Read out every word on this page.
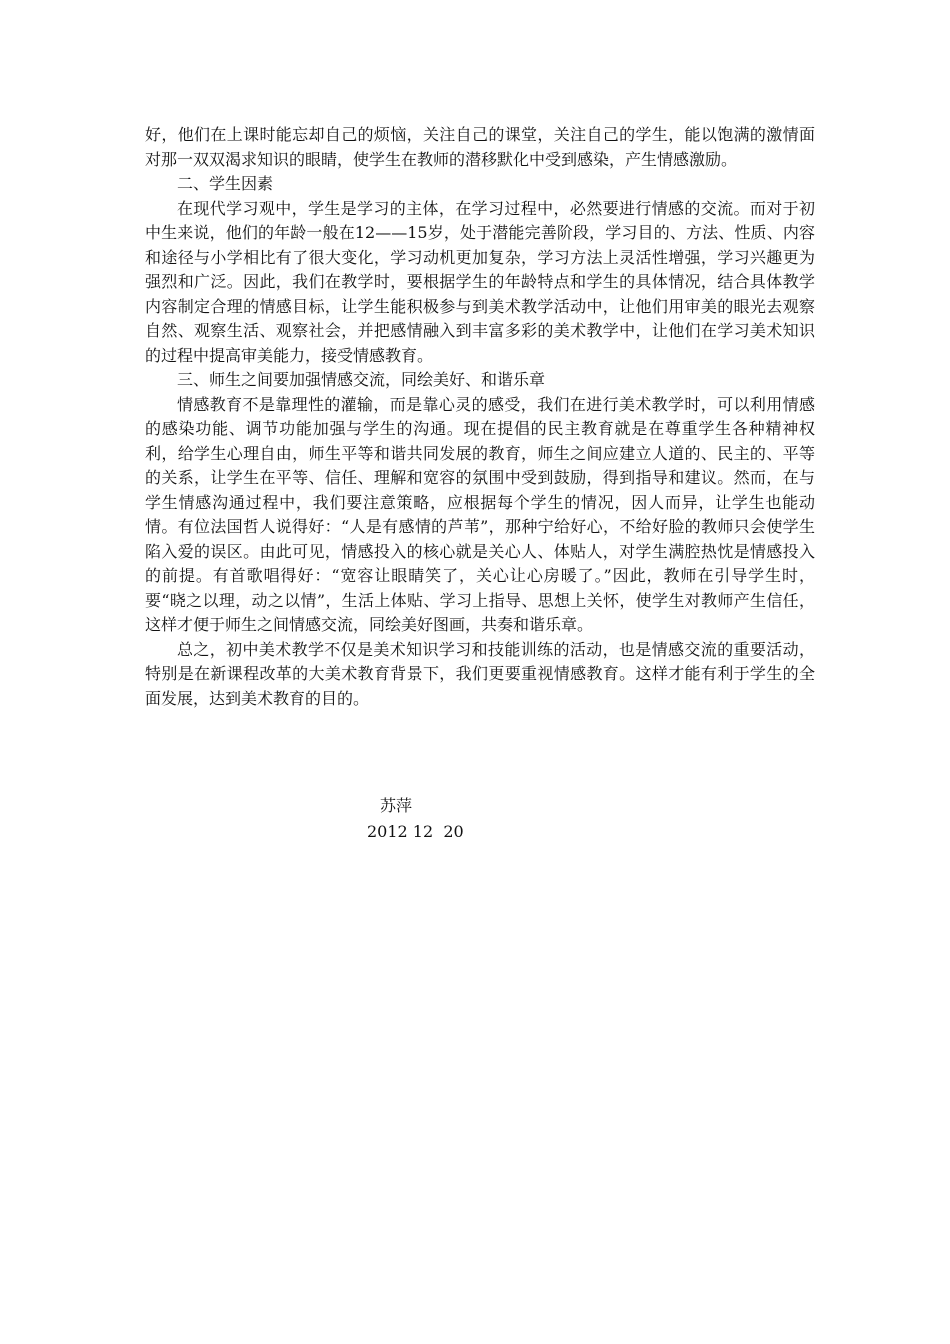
好，他们在上课时能忘却自己的烦恼，关注自己的课堂，关注自己的学生，能以饱满的激情面对那一双双渴求知识的眼睛，使学生在教师的潜移默化中受到感染，产生情感激励。

二、学生因素

在现代学习观中，学生是学习的主体，在学习过程中，必然要进行情感的交流。而对于初中生来说，他们的年龄一般在12——15岁，处于潜能完善阶段，学习目的、方法、性质、内容和途径与小学相比有了很大变化，学习动机更加复杂，学习方法上灵活性增强，学习兴趣更为强烈和广泛。因此，我们在教学时，要根据学生的年龄特点和学生的具体情况，结合具体教学内容制定合理的情感目标，让学生能积极参与到美术教学活动中，让他们用审美的眼光去观察自然、观察生活、观察社会，并把感情融入到丰富多彩的美术教学中，让他们在学习美术知识的过程中提高审美能力，接受情感教育。

三、师生之间要加强情感交流，同绘美好、和谐乐章

情感教育不是靠理性的灌输，而是靠心灵的感受，我们在进行美术教学时，可以利用情感的感染功能、调节功能加强与学生的沟通。现在提倡的民主教育就是在尊重学生各种精神权利，给学生心理自由，师生平等和谐共同发展的教育，师生之间应建立人道的、民主的、平等的关系，让学生在平等、信任、理解和宽容的氛围中受到鼓励，得到指导和建议。然而，在与学生情感沟通过程中，我们要注意策略，应根据每个学生的情况，因人而异，让学生也能动情。有位法国哲人说得好：“人是有感情的芦苇”，那种宁给好心，不给好脸的教师只会使学生陷入爱的误区。由此可见，情感投入的核心就是关心人、体贴人，对学生满腔热忱是情感投入的前提。有首歌唱得好：“宽容让眼睛笑了，关心让心房暖了。”因此，教师在引导学生时，要“晓之以理，动之以情”，生活上体贴、学习上指导、思想上关怀，使学生对教师产生信任，这样才便于师生之间情感交流，同绘美好图画，共奏和谐乐章。

总之，初中美术教学不仅是美术知识学习和技能训练的活动，也是情感交流的重要活动，特别是在新课程改革的大美术教育背景下，我们更要重视情感教育。这样才能有利于学生的全面发展，达到美术教育的目的。

苏萍
2012 12  20
